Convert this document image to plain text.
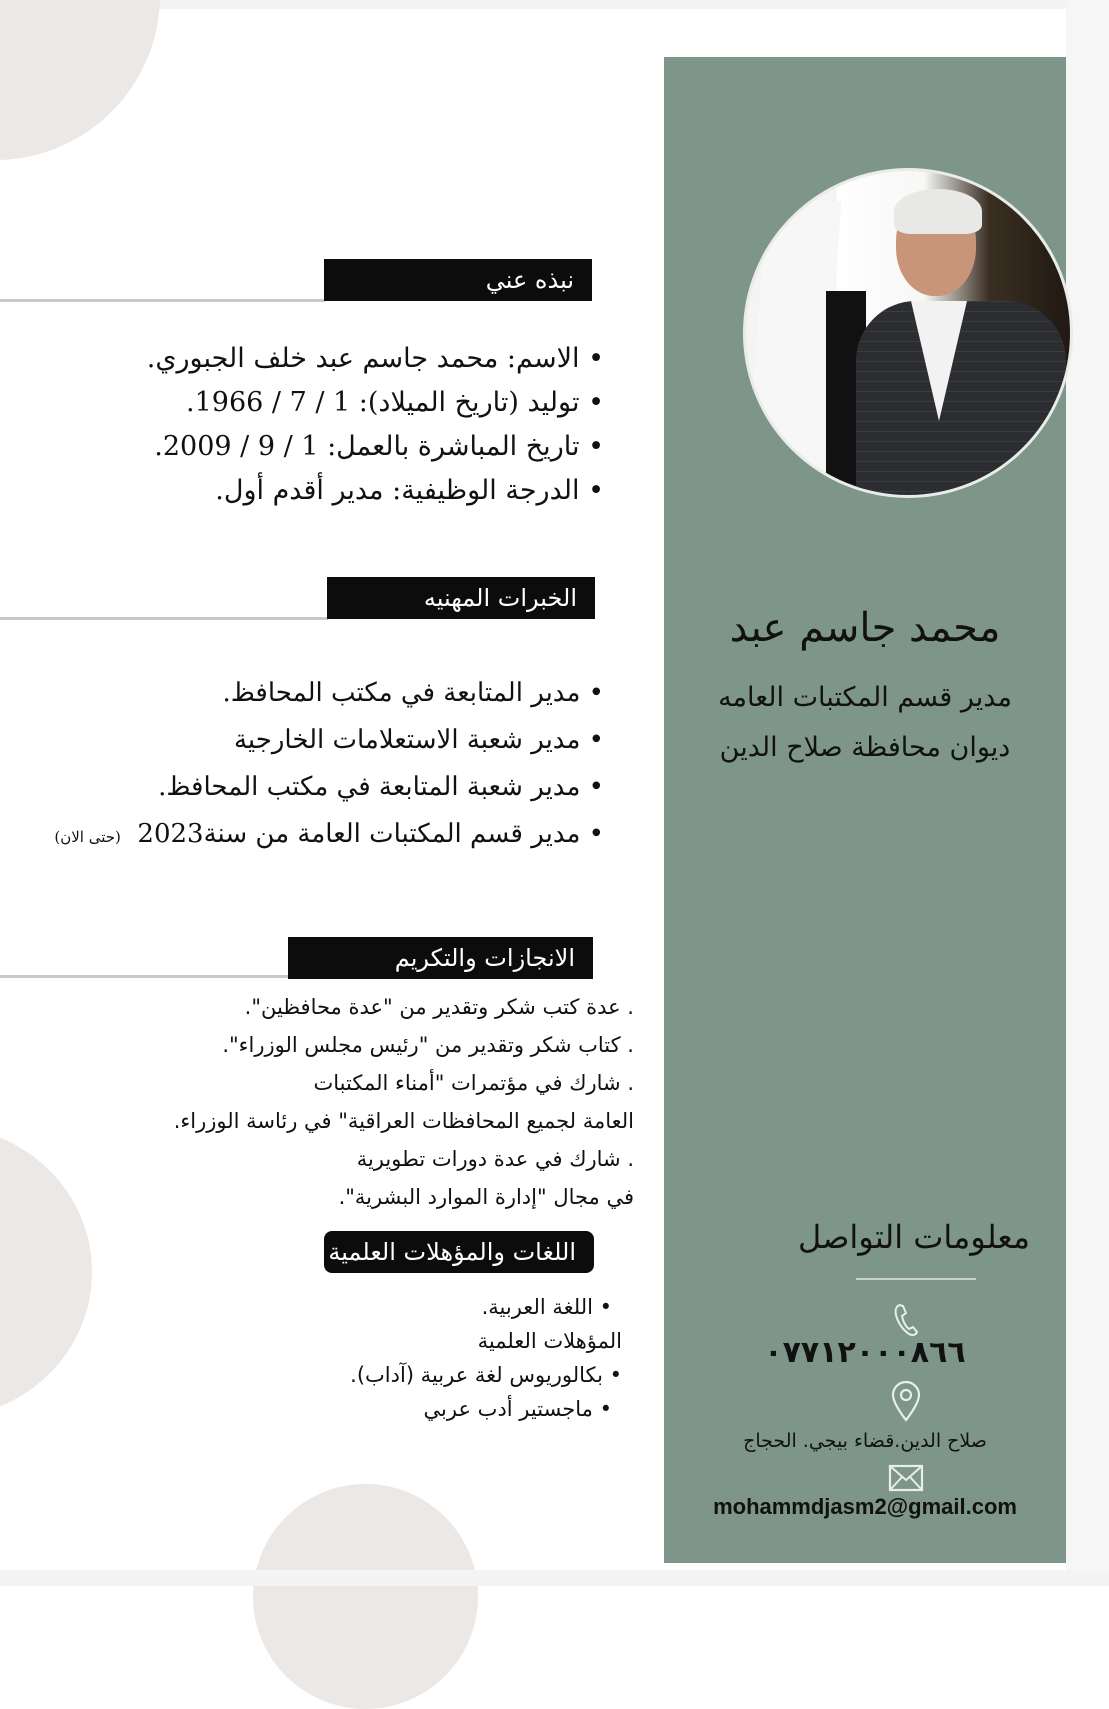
نبذه عني
• الاسم: محمد جاسم عبد خلف الجبوري.
• توليد (تاريخ الميلاد): 1 / 7 / 1966.
• تاريخ المباشرة بالعمل: 1 / 9 / 2009.
• الدرجة الوظيفية: مدير أقدم أول.
الخبرات المهنيه
• مدير المتابعة في مكتب المحافظ.
• مدير شعبة الاستعلامات الخارجية
• مدير شعبة المتابعة في مكتب المحافظ.
• مدير قسم المكتبات العامة من سنة2023  (حتى الان)
الانجازات والتكريم
. عدة كتب شكر وتقدير من "عدة محافظين".
. كتاب شكر وتقدير من "رئيس مجلس الوزراء".
. شارك في مؤتمرات "أمناء المكتبات
العامة لجميع المحافظات العراقية" في رئاسة الوزراء.
. شارك في عدة دورات تطويرية
في مجال "إدارة الموارد البشرية".
اللغات والمؤهلات العلمية
• اللغة العربية.
المؤهلات العلمية
• بكالوريوس لغة عربية (آداب).
• ماجستير أدب عربي
محمد جاسم عبد
مدير قسم المكتبات العامه
ديوان محافظة صلاح الدين
معلومات التواصل
٠٧٧١٢٠٠٠٨٦٦
صلاح الدين.قضاء بيجي. الحجاج
mohammdjasm2@gmail.com
